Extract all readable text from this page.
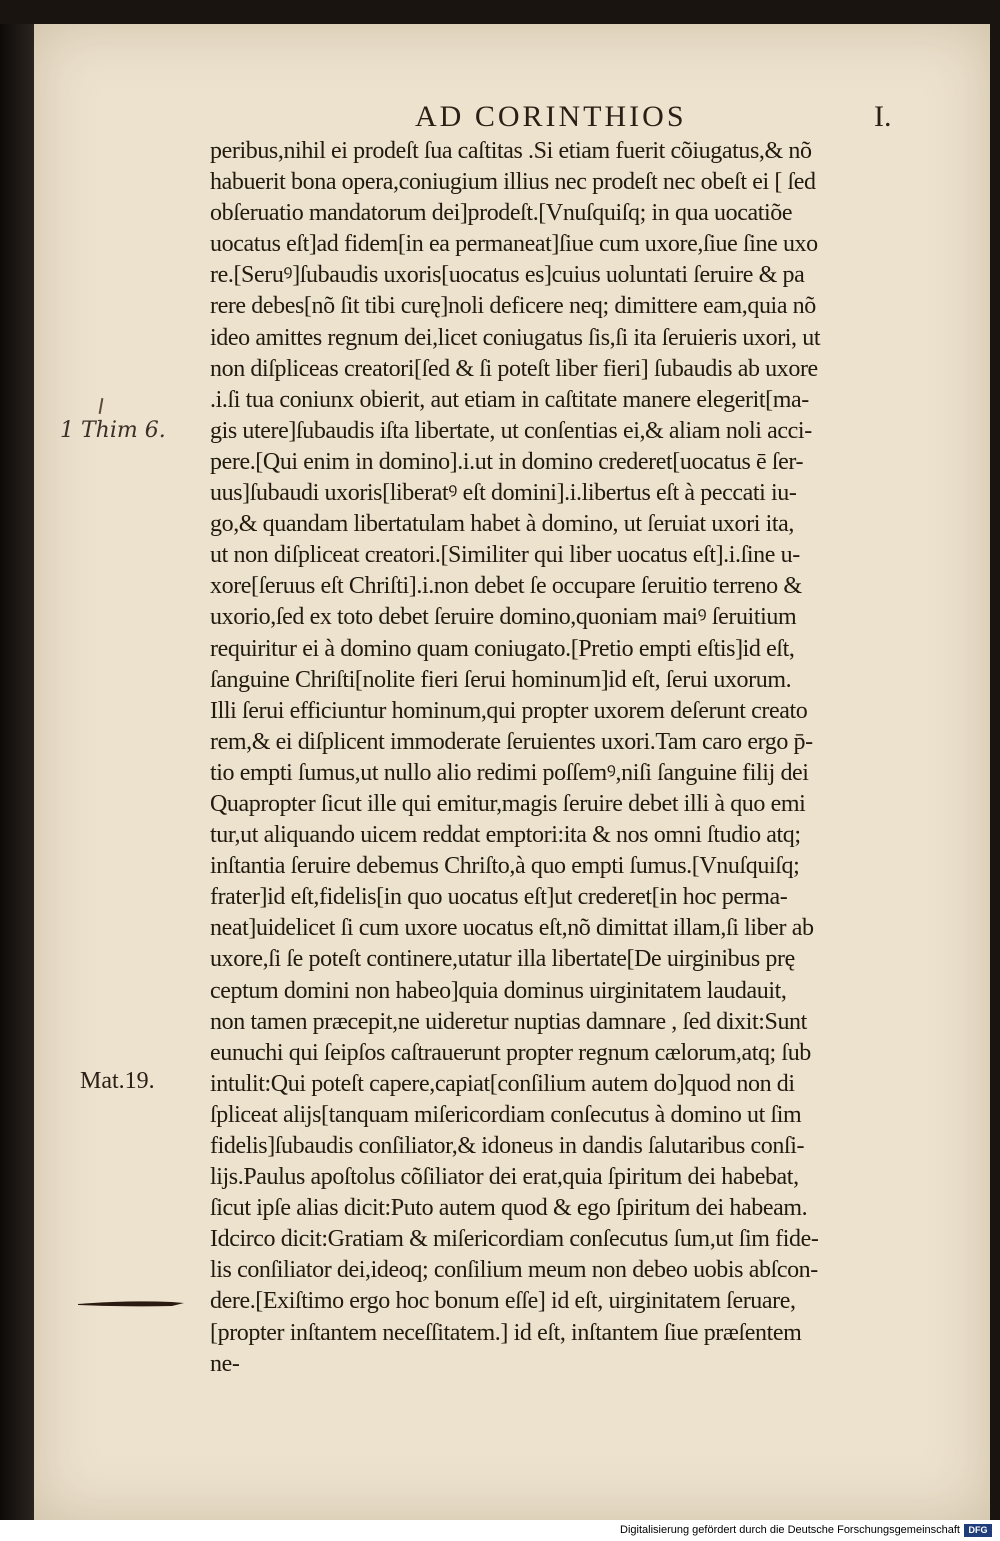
AD CORINTHIOS	I.
1 Thim 6.
Mat.19.
peribus,nihil ei prodeſt ſua caſtitas .Si etiam fuerit cõiugatus,& nõ
habuerit bona opera,coniugium illius nec prodeſt nec obeſt ei [ ſed
obſeruatio mandatorum dei]prodeſt.[Vnuſquiſq; in qua uocatiõe
uocatus eſt]ad fidem[in ea permaneat]ſiue cum uxore,ſiue ſine uxo
re.[Seruꝰ]ſubaudis uxoris[uocatus es]cuius uoluntati ſeruire & pa
rere debes[nõ ſit tibi curę]noli deficere neq; dimittere eam,quia nõ
ideo amittes regnum dei,licet coniugatus ſis,ſi ita ſeruieris uxori, ut
non diſpliceas creatori[ſed & ſi poteſt liber fieri] ſubaudis ab uxore
.i.ſi tua coniunx obierit, aut etiam in caſtitate manere elegerit[ma-
gis utere]ſubaudis iſta libertate, ut conſentias ei,& aliam noli acci-
pere.[Qui enim in domino].i.ut in domino crederet[uocatus ē ſer-
uus]ſubaudi uxoris[liberatꝰ eſt domini].i.libertus eſt à peccati iu-
go,& quandam libertatulam habet à domino, ut ſeruiat uxori ita,
ut non diſpliceat creatori.[Similiter qui liber uocatus eſt].i.ſine u-
xore[ſeruus eſt Chriſti].i.non debet ſe occupare ſeruitio terreno &
uxorio,ſed ex toto debet ſeruire domino,quoniam maiꝰ ſeruitium
requiritur ei à domino quam coniugato.[Pretio empti eſtis]id eſt,
ſanguine Chriſti[nolite fieri ſerui hominum]id eſt, ſerui uxorum.
Illi ſerui efficiuntur hominum,qui propter uxorem deſerunt creato
rem,& ei diſplicent immoderate ſeruientes uxori.Tam caro ergo p̄-
tio empti ſumus,ut nullo alio redimi poſſemꝰ,niſi ſanguine filij dei
Quapropter ſicut ille qui emitur,magis ſeruire debet illi à quo emi
tur,ut aliquando uicem reddat emptori:ita & nos omni ſtudio atq;
inſtantia ſeruire debemus Chriſto,à quo empti ſumus.[Vnuſquiſq;
frater]id eſt,fidelis[in quo uocatus eſt]ut crederet[in hoc perma-
neat]uidelicet ſi cum uxore uocatus eſt,nõ dimittat illam,ſi liber ab
uxore,ſi ſe poteſt continere,utatur illa libertate[De uirginibus prę
ceptum domini non habeo]quia dominus uirginitatem laudauit,
non tamen præcepit,ne uideretur nuptias damnare , ſed dixit:Sunt
eunuchi qui ſeipſos caſtrauerunt propter regnum cælorum,atq; ſub
intulit:Qui poteſt capere,capiat[conſilium autem do]quod non di
ſpliceat alijs[tanquam miſericordiam conſecutus à domino ut ſim
fidelis]ſubaudis conſiliator,& idoneus in dandis ſalutaribus conſi-
lijs.Paulus apoſtolus cõſiliator dei erat,quia ſpiritum dei habebat,
ſicut ipſe alias dicit:Puto autem quod & ego ſpiritum dei habeam.
Idcirco dicit:Gratiam & miſericordiam conſecutus ſum,ut ſim fide-
lis conſiliator dei,ideoq; conſilium meum non debeo uobis abſcon-
dere.[Exiſtimo ergo hoc bonum eſſe] id eſt, uirginitatem ſeruare,
[propter inſtantem neceſſitatem.] id eſt, inſtantem ſiue præſentem
ne-
Digitalisierung gefördert durch die Deutsche Forschungsgemeinschaft DFG
